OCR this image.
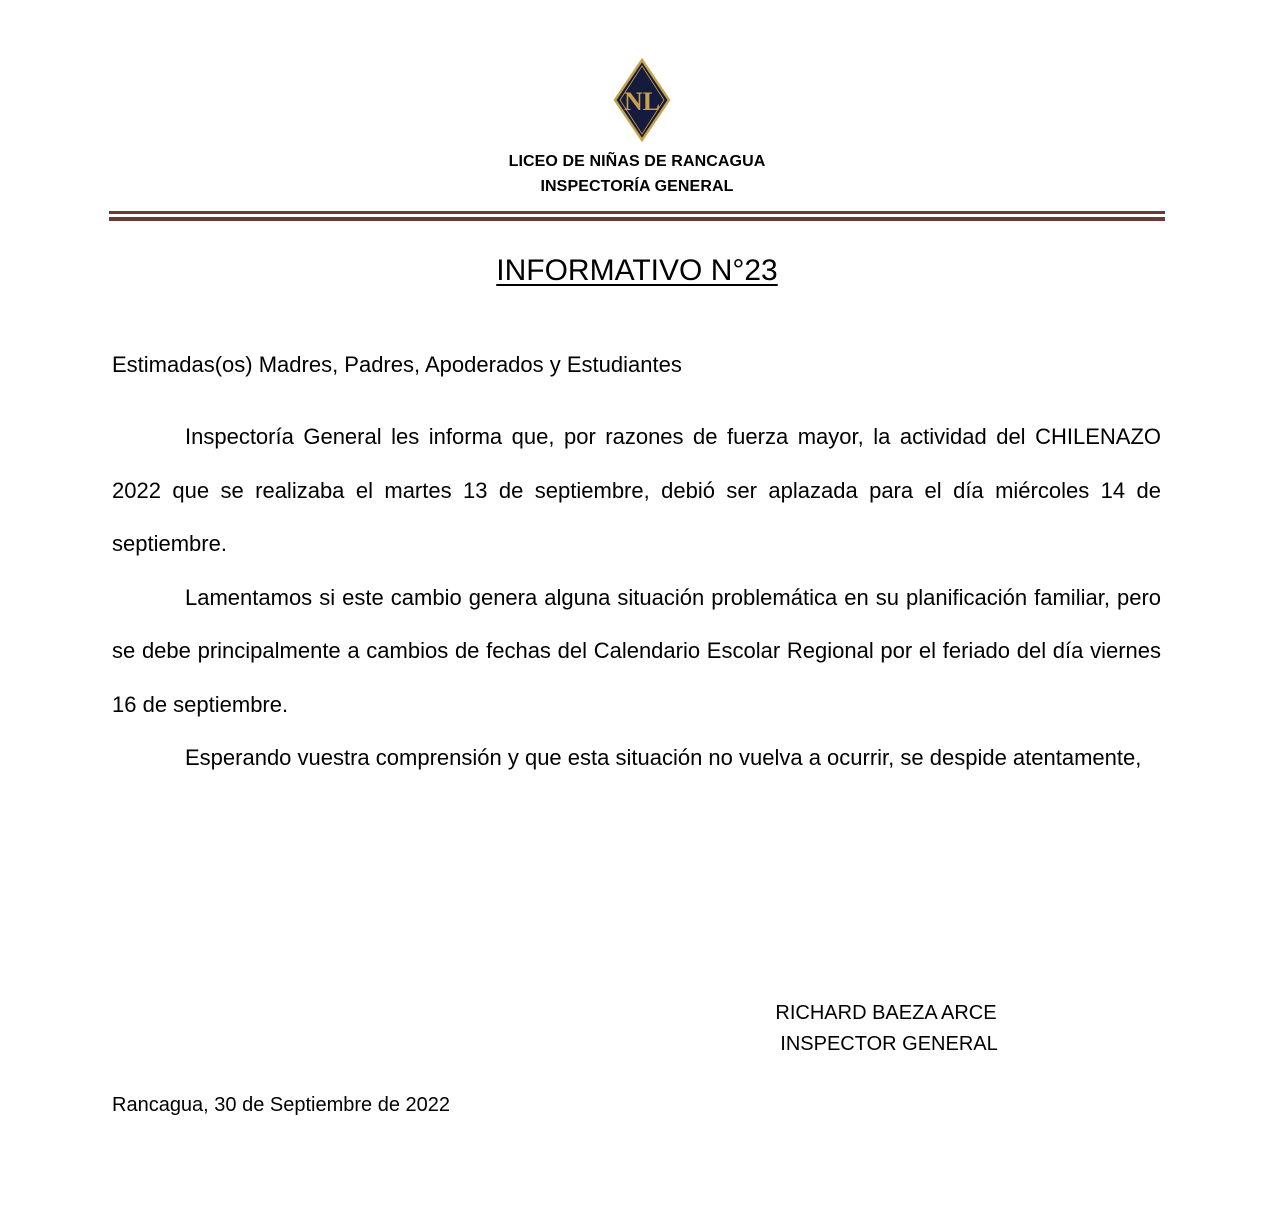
NL
LICEO DE NIÑAS DE RANCAGUA
INSPECTORÍA GENERAL
INFORMATIVO N°23
Estimadas(os) Madres, Padres, Apoderados y Estudiantes

Inspectoría General les informa que, por razones de fuerza mayor, la actividad del CHILENAZO 2022 que se realizaba el martes 13 de septiembre, debió ser aplazada para el día miércoles 14 de septiembre.

Lamentamos si este cambio genera alguna situación problemática en su planificación familiar, pero se debe principalmente a cambios de fechas del Calendario Escolar Regional por el feriado del día viernes 16 de septiembre.

Esperando vuestra comprensión y que esta situación no vuelva a ocurrir, se despide atentamente,

RICHARD BAEZA ARCE
INSPECTOR GENERAL
Rancagua, 30 de Septiembre de 2022
